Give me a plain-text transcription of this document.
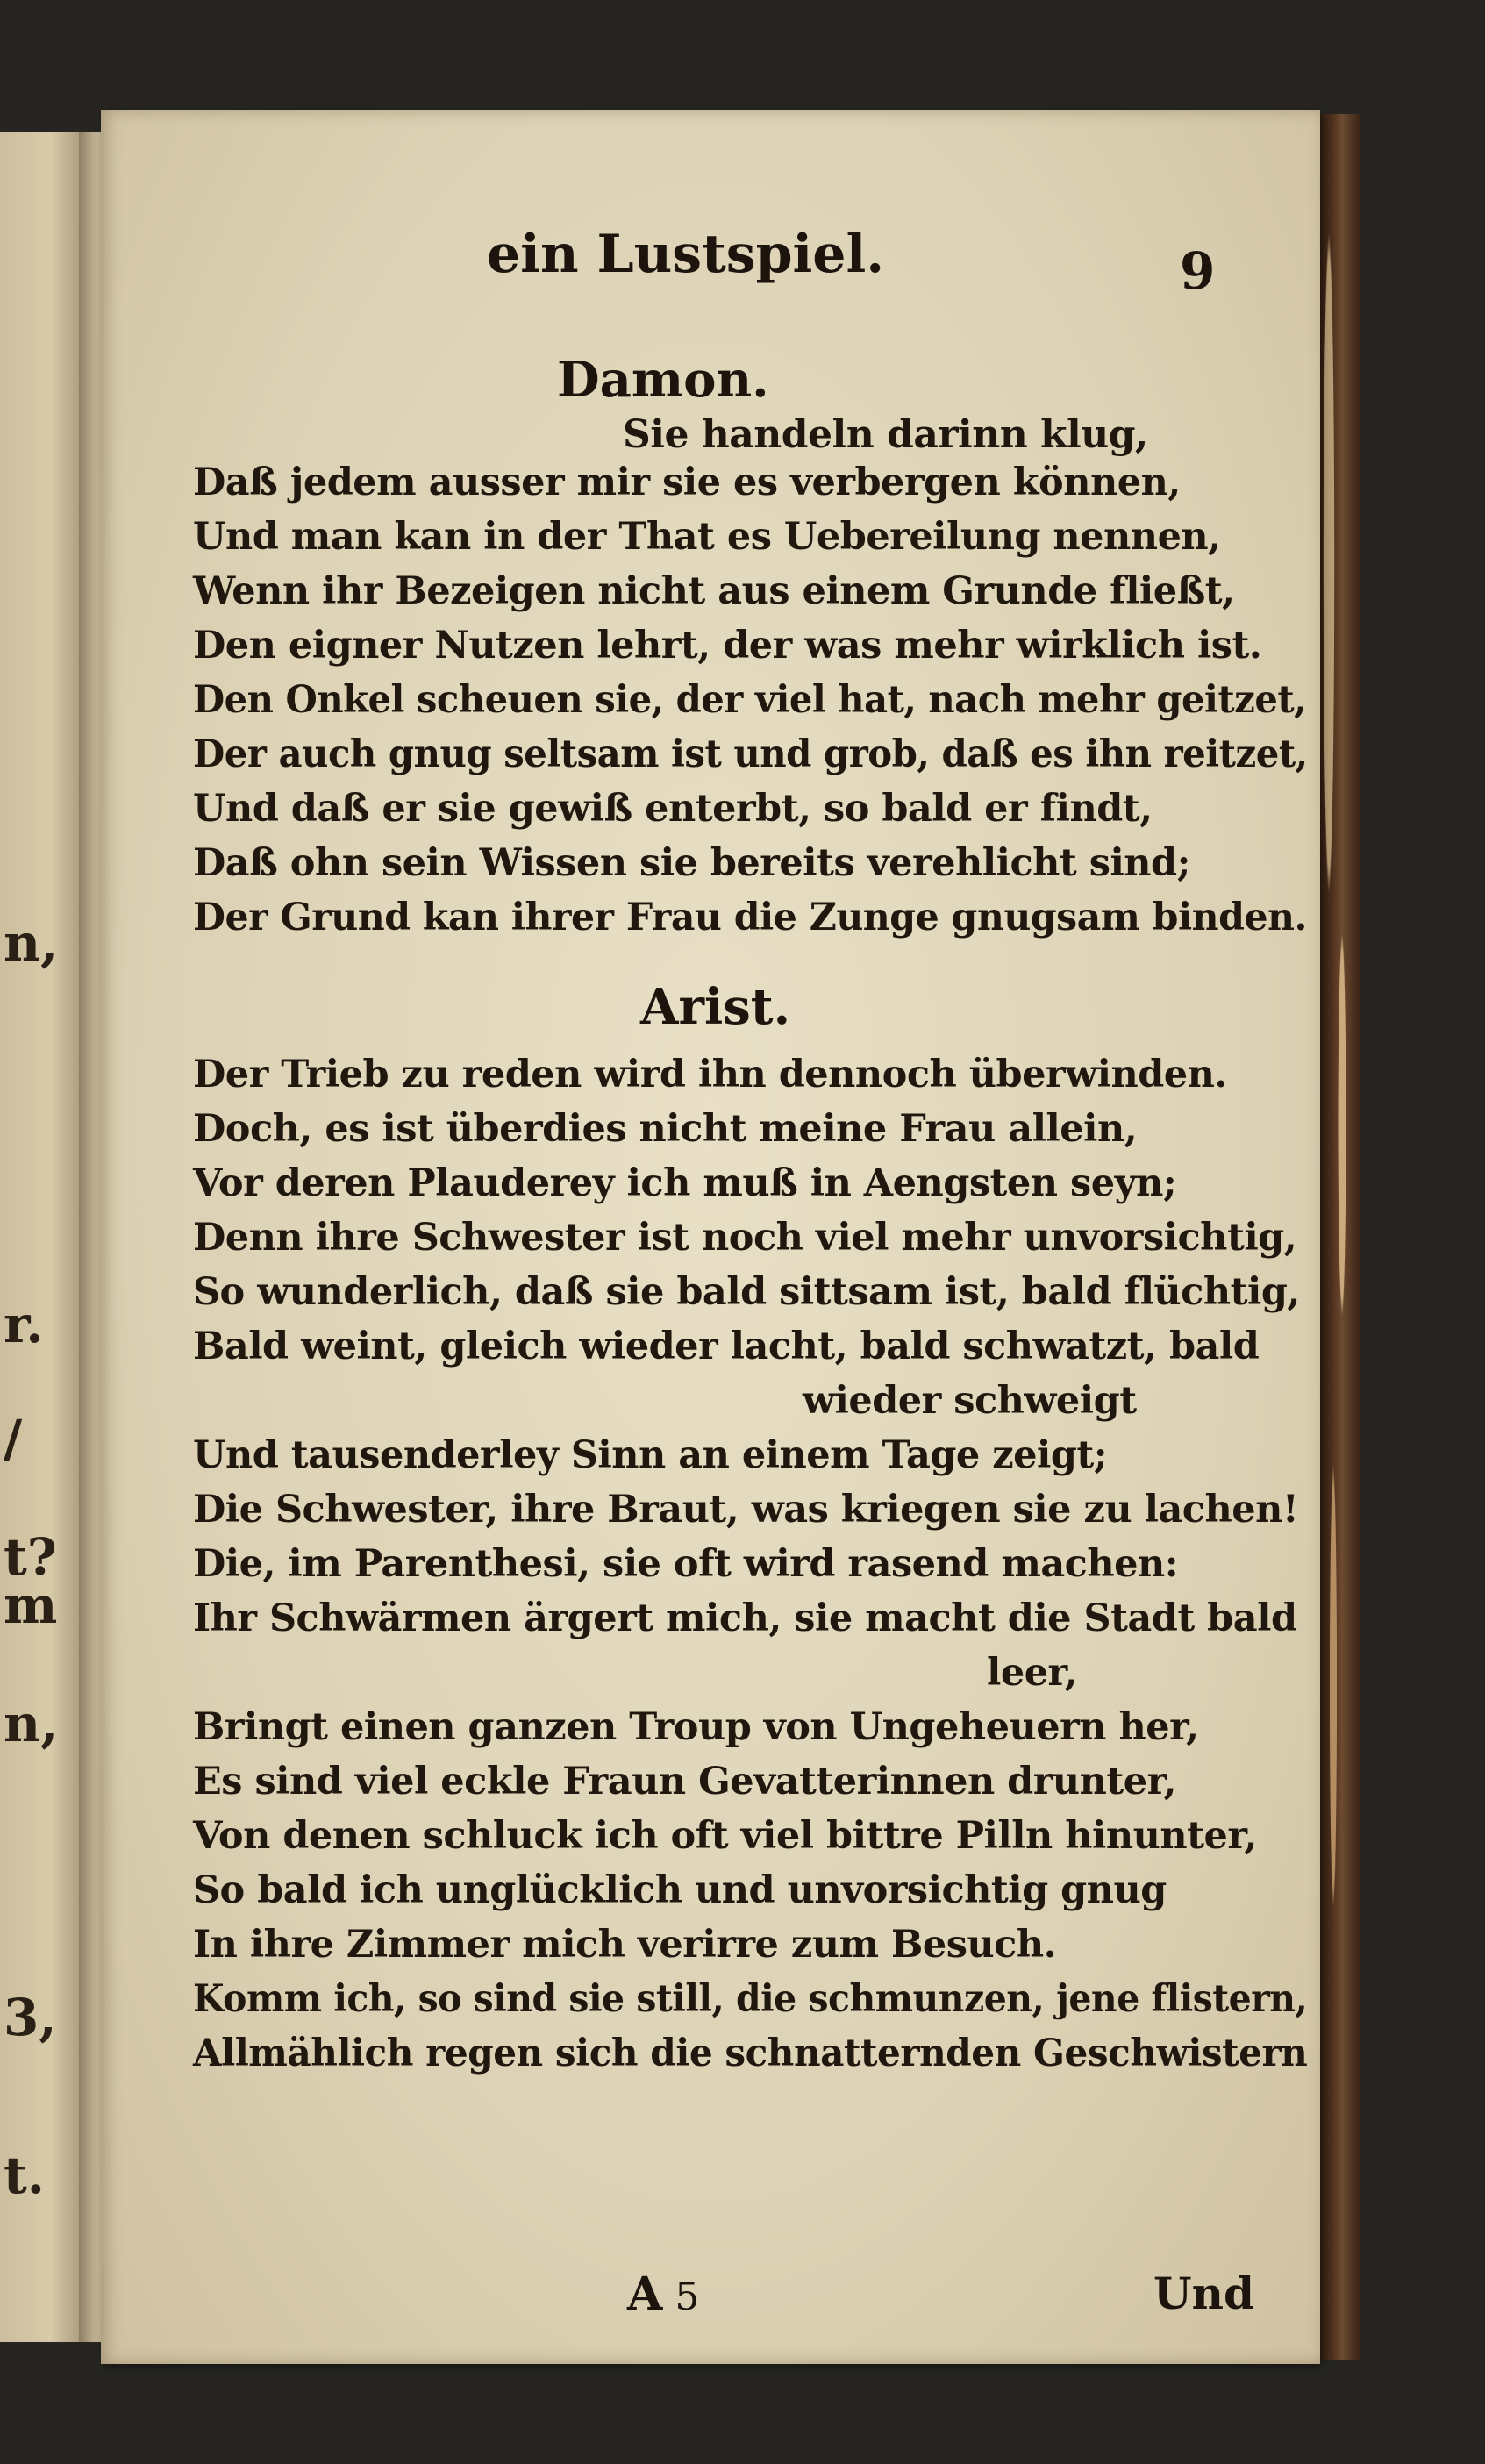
n,
r.
/
t?
m
n,
3,
t.
ein Lustspiel.	9
Damon.
Sie handeln darinn klug,
Daß jedem ausser mir sie es verbergen können,
Und man kan in der That es Uebereilung nennen,
Wenn ihr Bezeigen nicht aus einem Grunde fließt,
Den eigner Nutzen lehrt, der was mehr wirklich ist.
Den Onkel scheuen sie, der viel hat, nach mehr geitzet,
Der auch gnug seltsam ist und grob, daß es ihn reitzet,
Und daß er sie gewiß enterbt, so bald er findt,
Daß ohn sein Wissen sie bereits verehlicht sind;
Der Grund kan ihrer Frau die Zunge gnugsam binden.
Arist.
Der Trieb zu reden wird ihn dennoch überwinden.
Doch, es ist überdies nicht meine Frau allein,
Vor deren Plauderey ich muß in Aengsten seyn;
Denn ihre Schwester ist noch viel mehr unvorsichtig,
So wunderlich, daß sie bald sittsam ist, bald flüchtig,
Bald weint, gleich wieder lacht, bald schwatzt, bald
wieder schweigt
Und tausenderley Sinn an einem Tage zeigt;
Die Schwester, ihre Braut, was kriegen sie zu lachen!
Die, im Parenthesi, sie oft wird rasend machen:
Ihr Schwärmen ärgert mich, sie macht die Stadt bald
leer,
Bringt einen ganzen Troup von Ungeheuern her,
Es sind viel eckle Fraun Gevatterinnen drunter,
Von denen schluck ich oft viel bittre Pilln hinunter,
So bald ich unglücklich und unvorsichtig gnug
In ihre Zimmer mich verirre zum Besuch.
Komm ich, so sind sie still, die schmunzen, jene flistern,
Allmählich regen sich die schnatternden Geschwistern
A 5	Und
